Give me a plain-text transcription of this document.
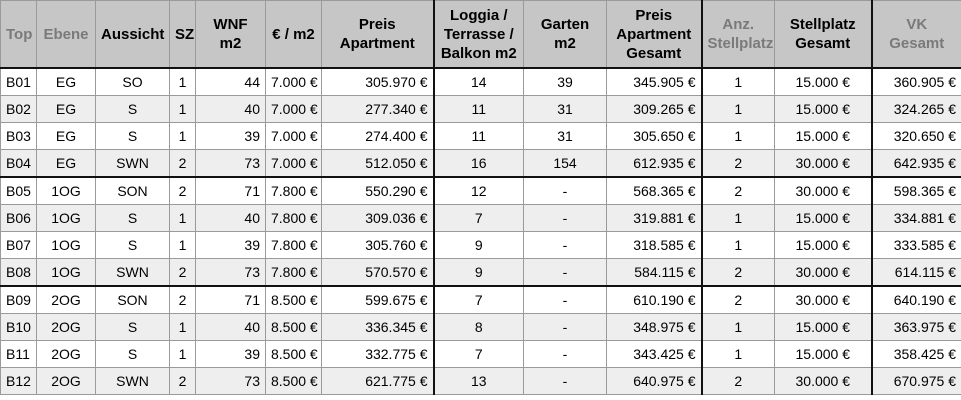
Top	Ebene	Aussicht	SZ	WNF m2	€ / m2	Preis Apartment	Loggia / Terrasse / Balkon m2	Garten m2	Preis Apartment Gesamt	Anz. Stellplatz	Stellplatz Gesamt	VK Gesamt
B01	EG	SO	1	44	7.000 €	305.970 €	14	39	345.905 €	1	15.000 €	360.905 €
B02	EG	S	1	40	7.000 €	277.340 €	11	31	309.265 €	1	15.000 €	324.265 €
B03	EG	S	1	39	7.000 €	274.400 €	11	31	305.650 €	1	15.000 €	320.650 €
B04	EG	SWN	2	73	7.000 €	512.050 €	16	154	612.935 €	2	30.000 €	642.935 €
B05	1OG	SON	2	71	7.800 €	550.290 €	12	-	568.365 €	2	30.000 €	598.365 €
B06	1OG	S	1	40	7.800 €	309.036 €	7	-	319.881 €	1	15.000 €	334.881 €
B07	1OG	S	1	39	7.800 €	305.760 €	9	-	318.585 €	1	15.000 €	333.585 €
B08	1OG	SWN	2	73	7.800 €	570.570 €	9	-	584.115 €	2	30.000 €	614.115 €
B09	2OG	SON	2	71	8.500 €	599.675 €	7	-	610.190 €	2	30.000 €	640.190 €
B10	2OG	S	1	40	8.500 €	336.345 €	8	-	348.975 €	1	15.000 €	363.975 €
B11	2OG	S	1	39	8.500 €	332.775 €	7	-	343.425 €	1	15.000 €	358.425 €
B12	2OG	SWN	2	73	8.500 €	621.775 €	13	-	640.975 €	2	30.000 €	670.975 €
